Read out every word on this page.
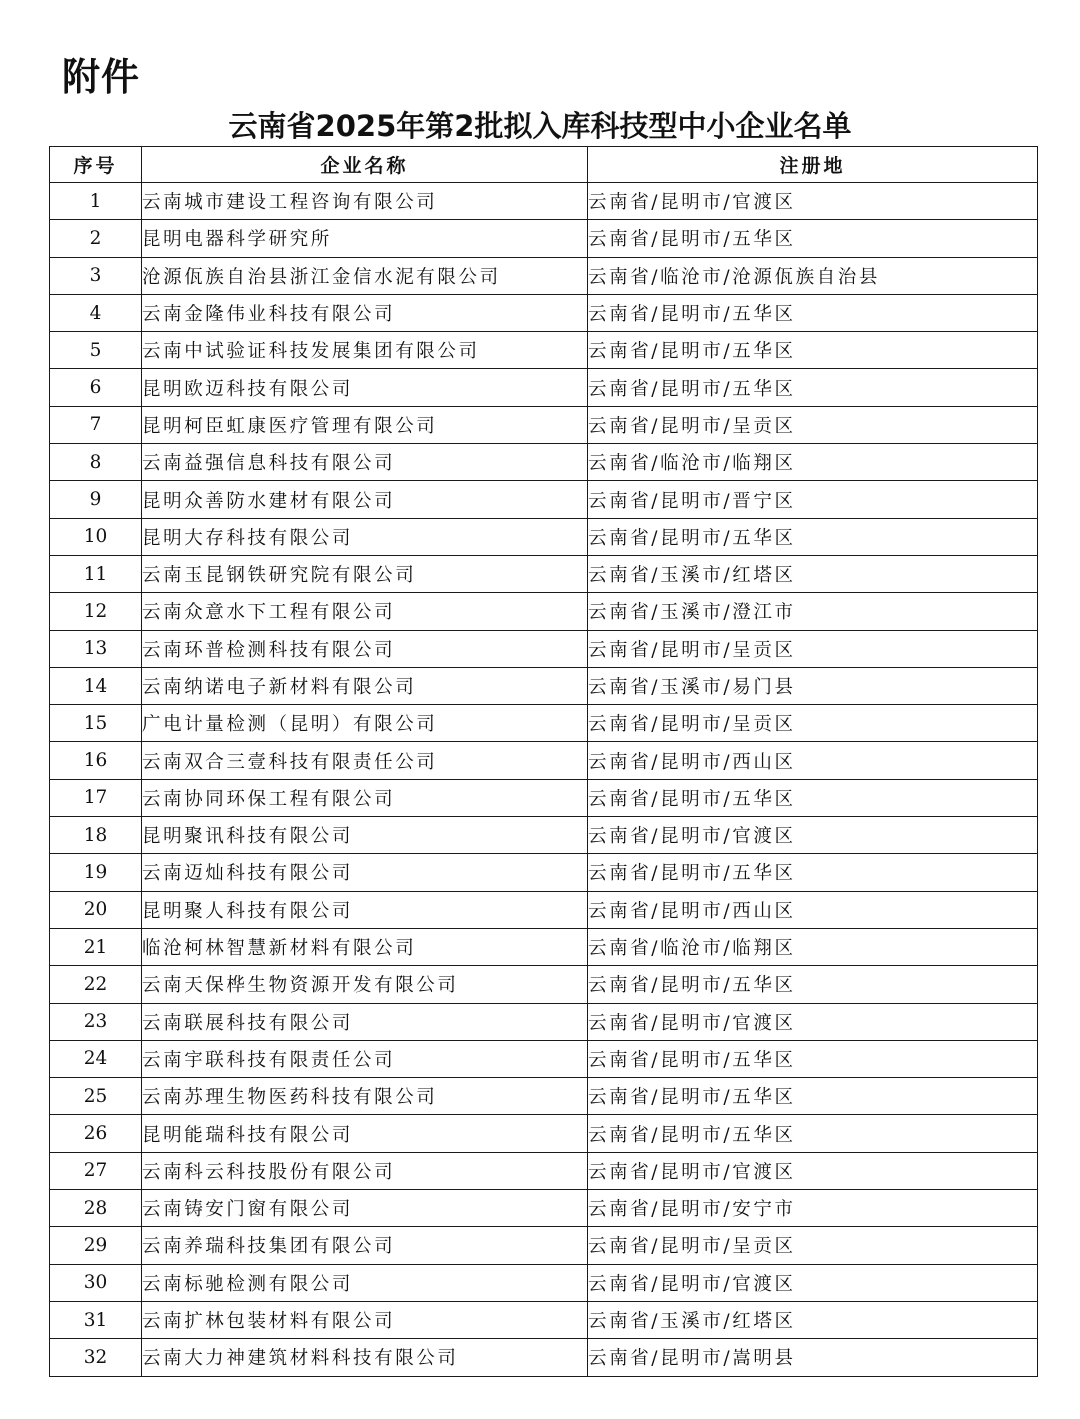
附件
云南省2025年第2批拟入库科技型中小企业名单
序号	企业名称	注册地
1	云南城市建设工程咨询有限公司	云南省/昆明市/官渡区
2	昆明电器科学研究所	云南省/昆明市/五华区
3	沧源佤族自治县浙江金信水泥有限公司	云南省/临沧市/沧源佤族自治县
4	云南金隆伟业科技有限公司	云南省/昆明市/五华区
5	云南中试验证科技发展集团有限公司	云南省/昆明市/五华区
6	昆明欧迈科技有限公司	云南省/昆明市/五华区
7	昆明柯臣虹康医疗管理有限公司	云南省/昆明市/呈贡区
8	云南益强信息科技有限公司	云南省/临沧市/临翔区
9	昆明众善防水建材有限公司	云南省/昆明市/晋宁区
10	昆明大存科技有限公司	云南省/昆明市/五华区
11	云南玉昆钢铁研究院有限公司	云南省/玉溪市/红塔区
12	云南众意水下工程有限公司	云南省/玉溪市/澄江市
13	云南环普检测科技有限公司	云南省/昆明市/呈贡区
14	云南纳诺电子新材料有限公司	云南省/玉溪市/易门县
15	广电计量检测（昆明）有限公司	云南省/昆明市/呈贡区
16	云南双合三壹科技有限责任公司	云南省/昆明市/西山区
17	云南协同环保工程有限公司	云南省/昆明市/五华区
18	昆明聚讯科技有限公司	云南省/昆明市/官渡区
19	云南迈灿科技有限公司	云南省/昆明市/五华区
20	昆明聚人科技有限公司	云南省/昆明市/西山区
21	临沧柯林智慧新材料有限公司	云南省/临沧市/临翔区
22	云南天保桦生物资源开发有限公司	云南省/昆明市/五华区
23	云南联展科技有限公司	云南省/昆明市/官渡区
24	云南宇联科技有限责任公司	云南省/昆明市/五华区
25	云南苏理生物医药科技有限公司	云南省/昆明市/五华区
26	昆明能瑞科技有限公司	云南省/昆明市/五华区
27	云南科云科技股份有限公司	云南省/昆明市/官渡区
28	云南铸安门窗有限公司	云南省/昆明市/安宁市
29	云南养瑞科技集团有限公司	云南省/昆明市/呈贡区
30	云南标驰检测有限公司	云南省/昆明市/官渡区
31	云南扩林包装材料有限公司	云南省/玉溪市/红塔区
32	云南大力神建筑材料科技有限公司	云南省/昆明市/嵩明县
